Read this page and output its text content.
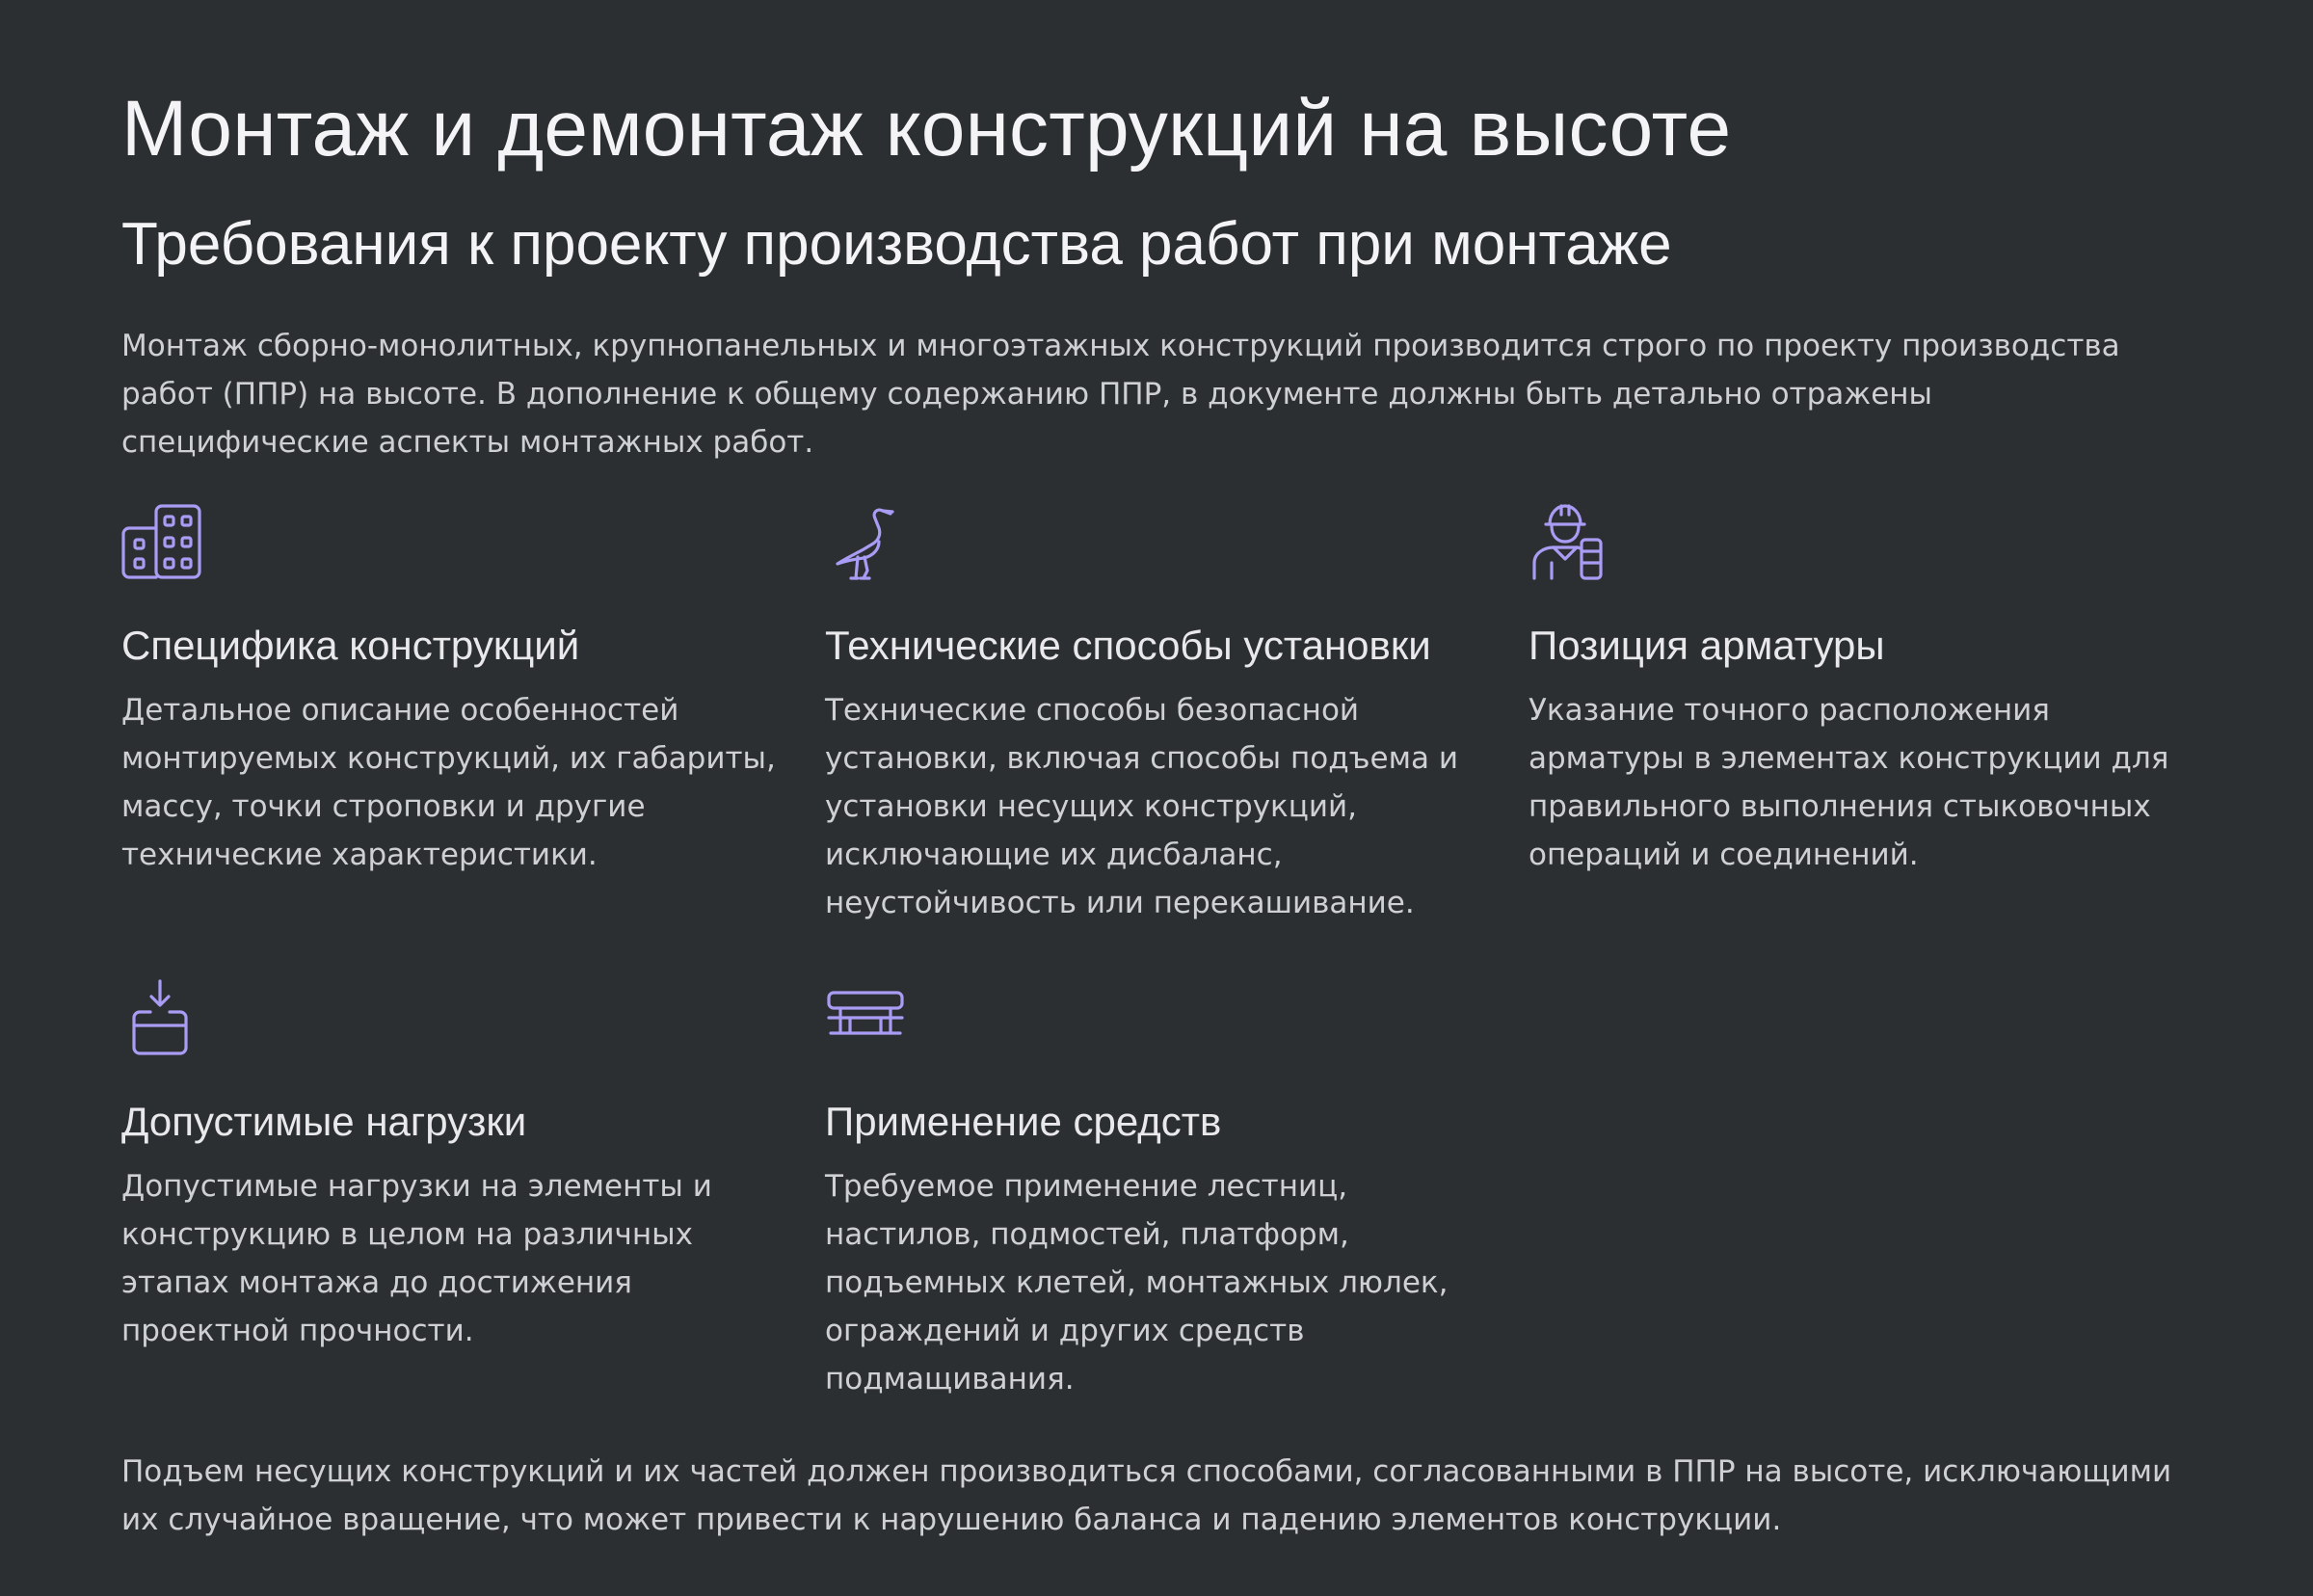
Монтаж и демонтаж конструкций на высоте
Требования к проекту производства работ при монтаже

Монтаж сборно-монолитных, крупнопанельных и многоэтажных конструкций производится строго по проекту производства работ (ППР) на высоте. В дополнение к общему содержанию ППР, в документе должны быть детально отражены специфические аспекты монтажных работ.

Специфика конструкций

Детальное описание особенностей монтируемых конструкций, их габариты, массу, точки строповки и другие технические характеристики.

Технические способы установки

Технические способы безопасной установки, включая способы подъема и установки несущих конструкций, исключающие их дисбаланс, неустойчивость или перекашивание.

Позиция арматуры

Указание точного расположения арматуры в элементах конструкции для правильного выполнения стыковочных операций и соединений.

Допустимые нагрузки

Допустимые нагрузки на элементы и конструкцию в целом на различных этапах монтажа до достижения проектной прочности.

Применение средств

Требуемое применение лестниц, настилов, подмостей, платформ, подъемных клетей, монтажных люлек, ограждений и других средств подмащивания.

Подъем несущих конструкций и их частей должен производиться способами, согласованными в ППР на высоте, исключающими их случайное вращение, что может привести к нарушению баланса и падению элементов конструкции.
